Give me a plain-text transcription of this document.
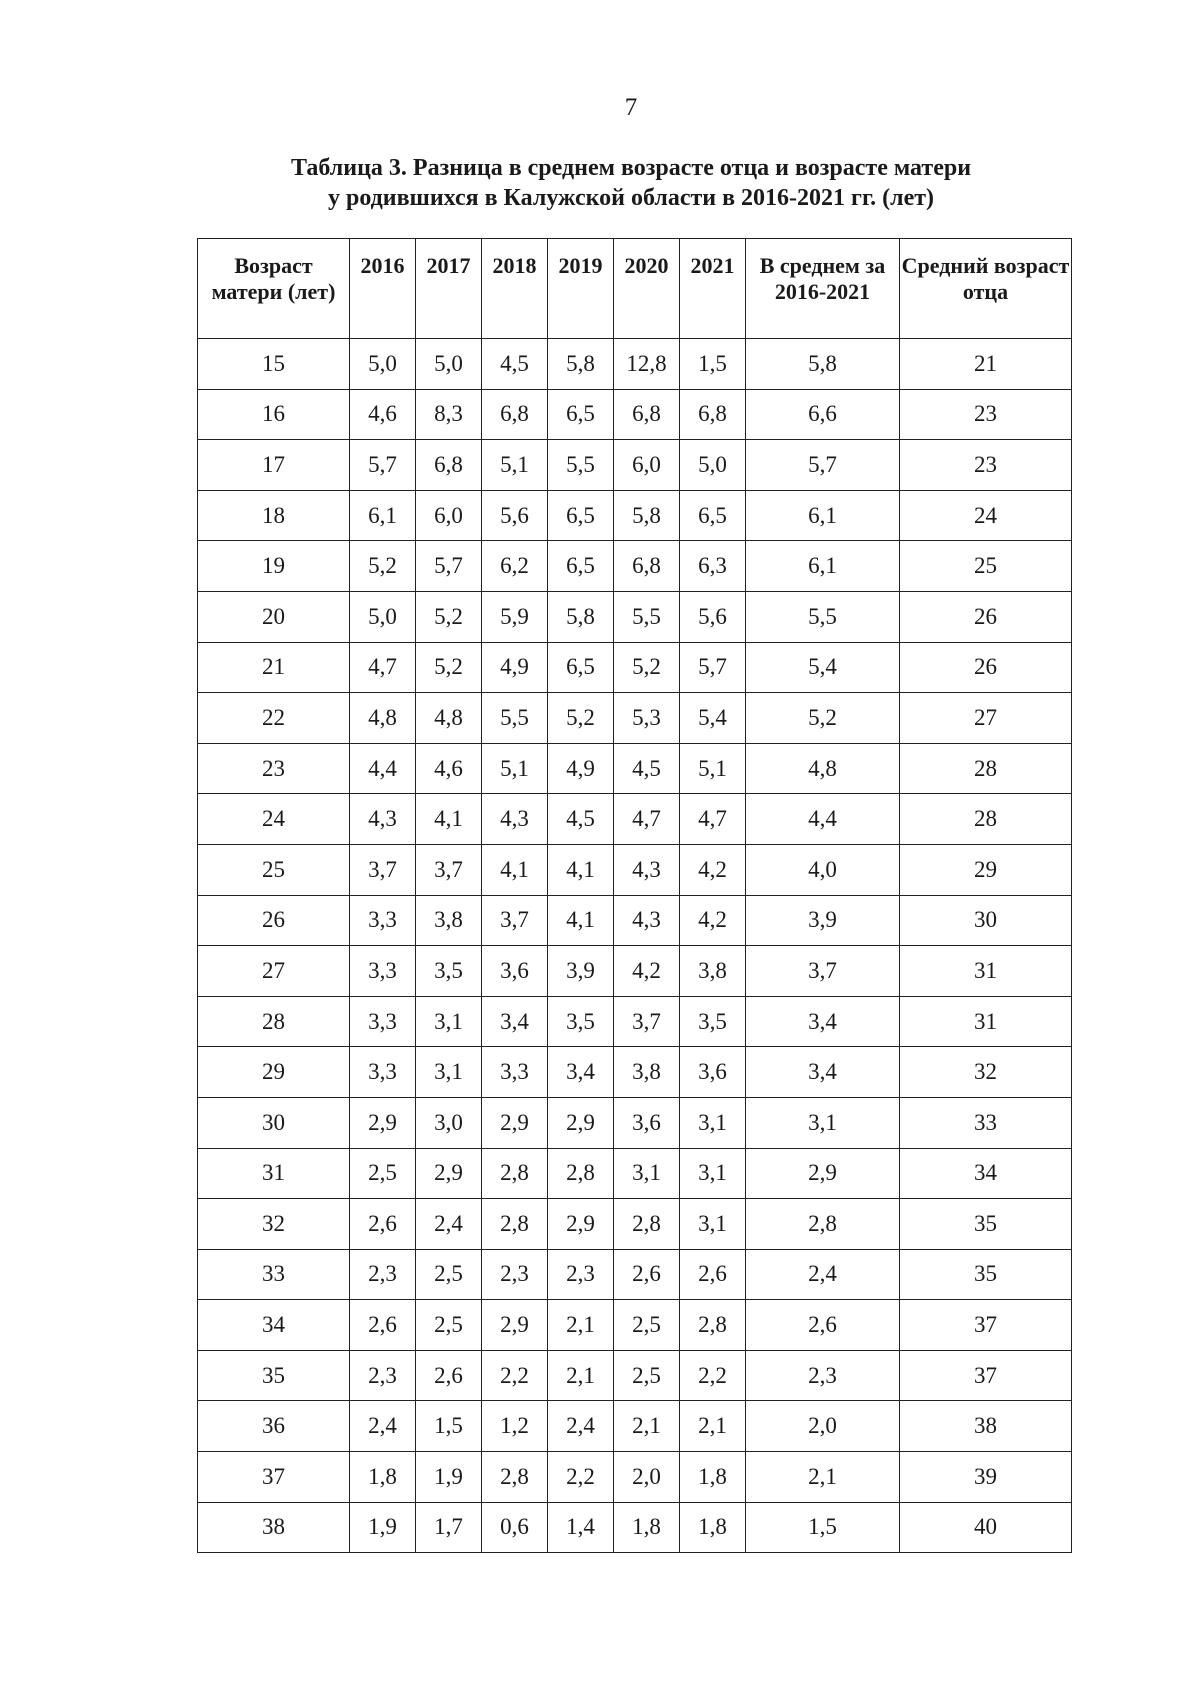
7
Таблица 3. Разница в среднем возрасте отца и возрасте матери
у родившихся в Калужской области в 2016-2021 гг. (лет)
Возраст матери (лет)	2016	2017	2018	2019	2020	2021	В среднем за 2016-2021	Средний возраст отца
15	5,0	5,0	4,5	5,8	12,8	1,5	5,8	21
16	4,6	8,3	6,8	6,5	6,8	6,8	6,6	23
17	5,7	6,8	5,1	5,5	6,0	5,0	5,7	23
18	6,1	6,0	5,6	6,5	5,8	6,5	6,1	24
19	5,2	5,7	6,2	6,5	6,8	6,3	6,1	25
20	5,0	5,2	5,9	5,8	5,5	5,6	5,5	26
21	4,7	5,2	4,9	6,5	5,2	5,7	5,4	26
22	4,8	4,8	5,5	5,2	5,3	5,4	5,2	27
23	4,4	4,6	5,1	4,9	4,5	5,1	4,8	28
24	4,3	4,1	4,3	4,5	4,7	4,7	4,4	28
25	3,7	3,7	4,1	4,1	4,3	4,2	4,0	29
26	3,3	3,8	3,7	4,1	4,3	4,2	3,9	30
27	3,3	3,5	3,6	3,9	4,2	3,8	3,7	31
28	3,3	3,1	3,4	3,5	3,7	3,5	3,4	31
29	3,3	3,1	3,3	3,4	3,8	3,6	3,4	32
30	2,9	3,0	2,9	2,9	3,6	3,1	3,1	33
31	2,5	2,9	2,8	2,8	3,1	3,1	2,9	34
32	2,6	2,4	2,8	2,9	2,8	3,1	2,8	35
33	2,3	2,5	2,3	2,3	2,6	2,6	2,4	35
34	2,6	2,5	2,9	2,1	2,5	2,8	2,6	37
35	2,3	2,6	2,2	2,1	2,5	2,2	2,3	37
36	2,4	1,5	1,2	2,4	2,1	2,1	2,0	38
37	1,8	1,9	2,8	2,2	2,0	1,8	2,1	39
38	1,9	1,7	0,6	1,4	1,8	1,8	1,5	40
